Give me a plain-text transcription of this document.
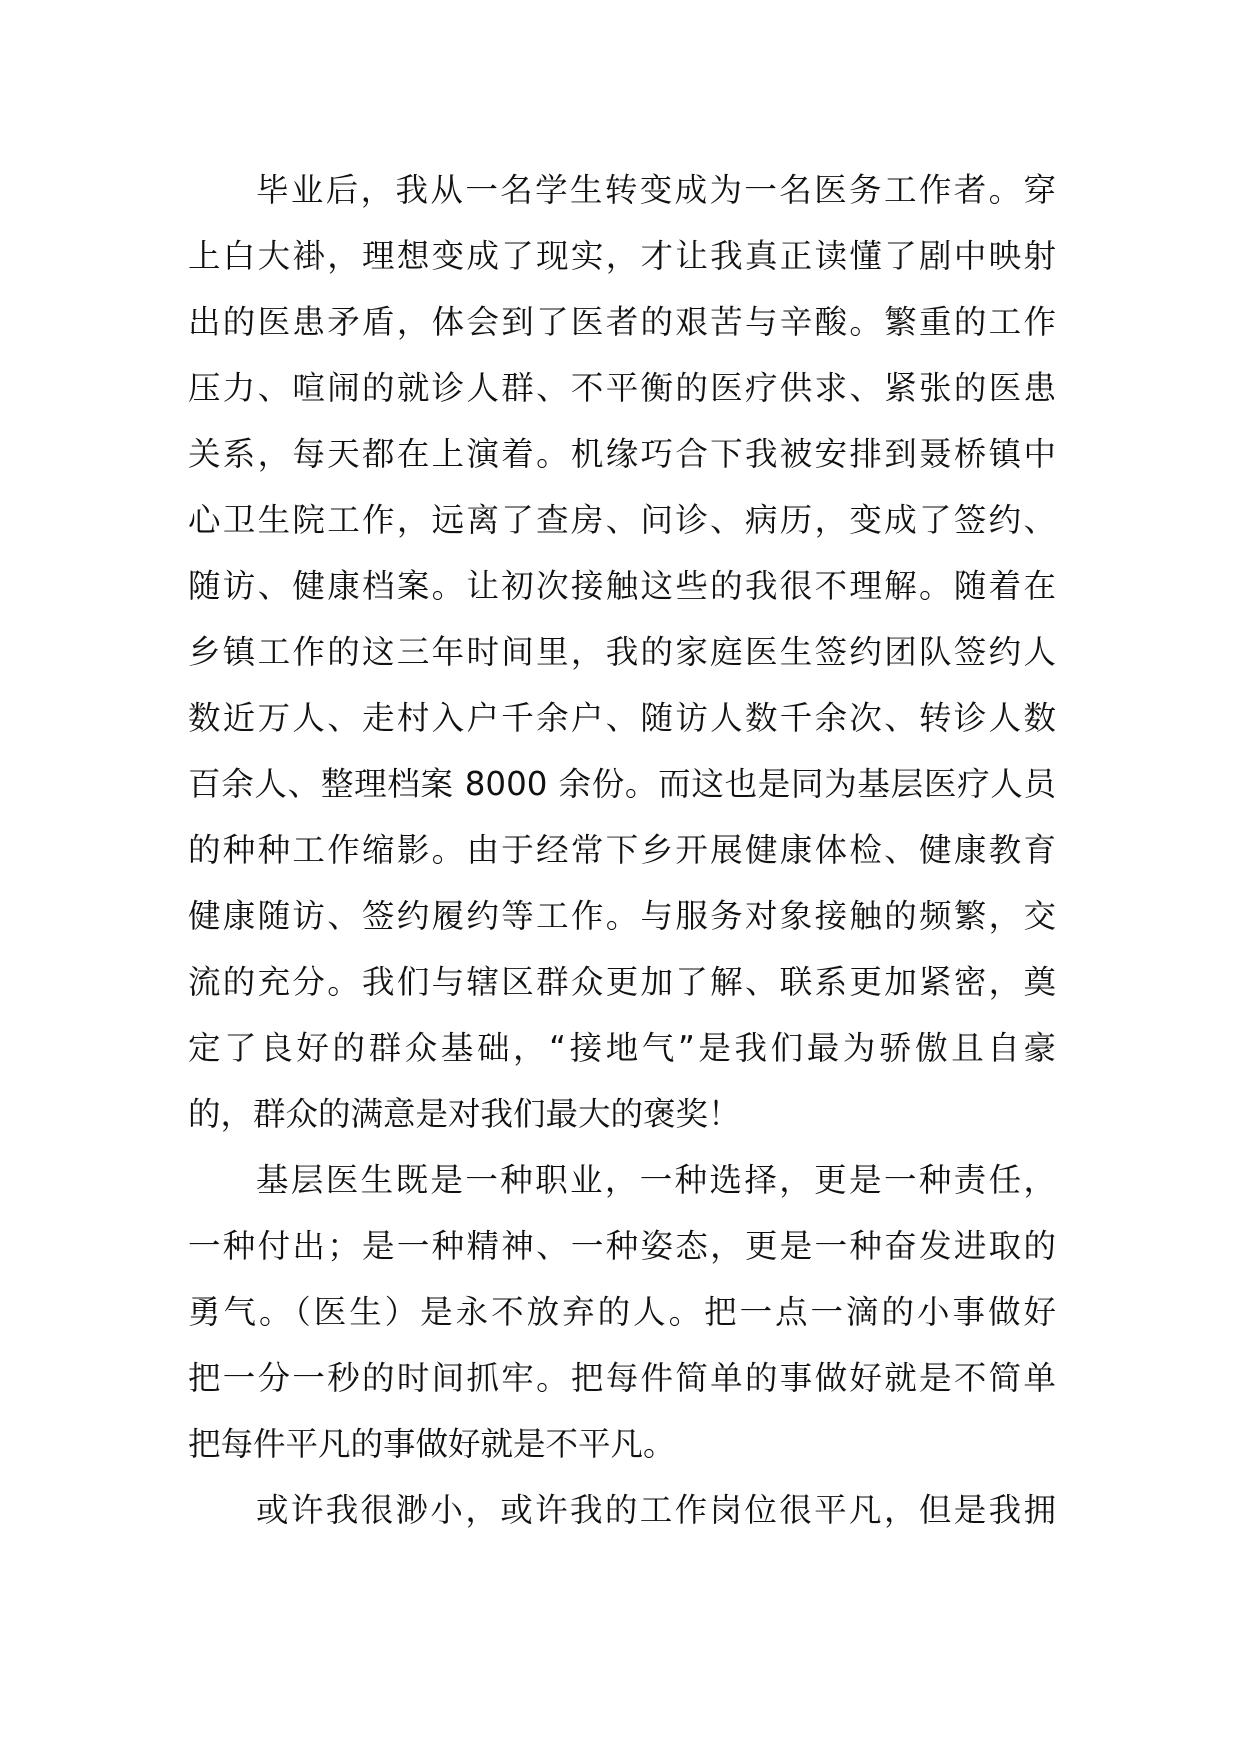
毕业后，我从一名学生转变成为一名医务工作者。穿
上白大褂，理想变成了现实，才让我真正读懂了剧中映射
出的医患矛盾，体会到了医者的艰苦与辛酸。繁重的工作
压力、喧闹的就诊人群、不平衡的医疗供求、紧张的医患
关系，每天都在上演着。机缘巧合下我被安排到聂桥镇中
心卫生院工作，远离了查房、问诊、病历，变成了签约、
随访、健康档案。让初次接触这些的我很不理解。随着在
乡镇工作的这三年时间里，我的家庭医生签约团队签约人
数近万人、走村入户千余户、随访人数千余次、转诊人数
百余人、整理档案 8000 余份。而这也是同为基层医疗人员
的种种工作缩影。由于经常下乡开展健康体检、健康教育
健康随访、签约履约等工作。与服务对象接触的频繁，交
流的充分。我们与辖区群众更加了解、联系更加紧密，奠
定了良好的群众基础，“接地气”是我们最为骄傲且自豪
的，群众的满意是对我们最大的褒奖！
基层医生既是一种职业，一种选择，更是一种责任，
一种付出；是一种精神、一种姿态，更是一种奋发进取的
勇气。（医生）是永不放弃的人。把一点一滴的小事做好
把一分一秒的时间抓牢。把每件简单的事做好就是不简单
把每件平凡的事做好就是不平凡。
或许我很渺小，或许我的工作岗位很平凡，但是我拥
